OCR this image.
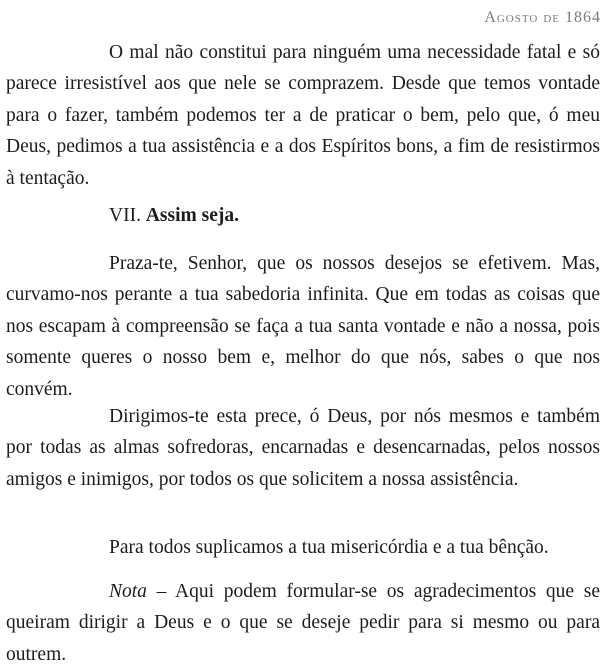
Agosto de 1864

O mal não constitui para ninguém uma necessidade fatal e só parece irresistível aos que nele se comprazem. Desde que temos vontade para o fazer, também podemos ter a de praticar o bem, pelo que, ó meu Deus, pedimos a tua assistência e a dos Espíritos bons, a fim de resistirmos à tentação.

VII. Assim seja.

Praza-te, Senhor, que os nossos desejos se efetivem. Mas, curvamo-nos perante a tua sabedoria infinita. Que em todas as coisas que nos escapam à compreensão se faça a tua santa vontade e não a nossa, pois somente queres o nosso bem e, melhor do que nós, sabes o que nos convém.

Dirigimos-te esta prece, ó Deus, por nós mesmos e também por todas as almas sofredoras, encarnadas e desencarnadas, pelos nossos amigos e inimigos, por todos os que solicitem a nossa assistência.

Para todos suplicamos a tua misericórdia e a tua bênção.

Nota – Aqui podem formular-se os agradecimentos que se queiram dirigir a Deus e o que se deseje pedir para si mesmo ou para outrem.
